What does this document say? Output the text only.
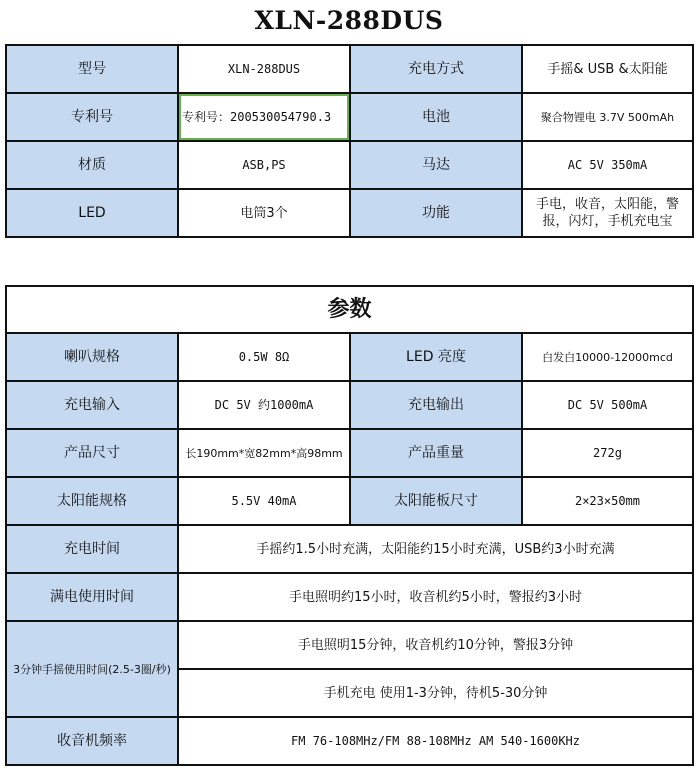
XLN-288DUS
型号	XLN-288DUS	充电方式	手摇& USB &太阳能
专利号	专利号：200530054790.3	电池	聚合物锂电 3.7V 500mAh
材质	ASB,PS	马达	AC 5V 350mA
LED	电筒3个	功能	手电，收音，太阳能，警报，闪灯，手机充电宝
参数			
喇叭规格	0.5W 8Ω	LED 亮度	白发白10000-12000mcd
充电输入	DC 5V 约1000mA	充电输出	DC 5V 500mA
产品尺寸	长190mm*宽82mm*高98mm	产品重量	272g
太阳能规格	5.5V 40mA	太阳能板尺寸	2×23×50mm
充电时间	手摇约1.5小时充满，太阳能约15小时充满，USB约3小时充满		
满电使用时间	手电照明约15小时，收音机约5小时，警报约3小时		
3分钟手摇使用时间(2.5-3圈/秒)	手电照明15分钟，收音机约10分钟，警报3分钟		
	手机充电 使用1-3分钟，待机5-30分钟		
收音机频率	FM 76-108MHz/FM 88-108MHz AM 540-1600KHz		
